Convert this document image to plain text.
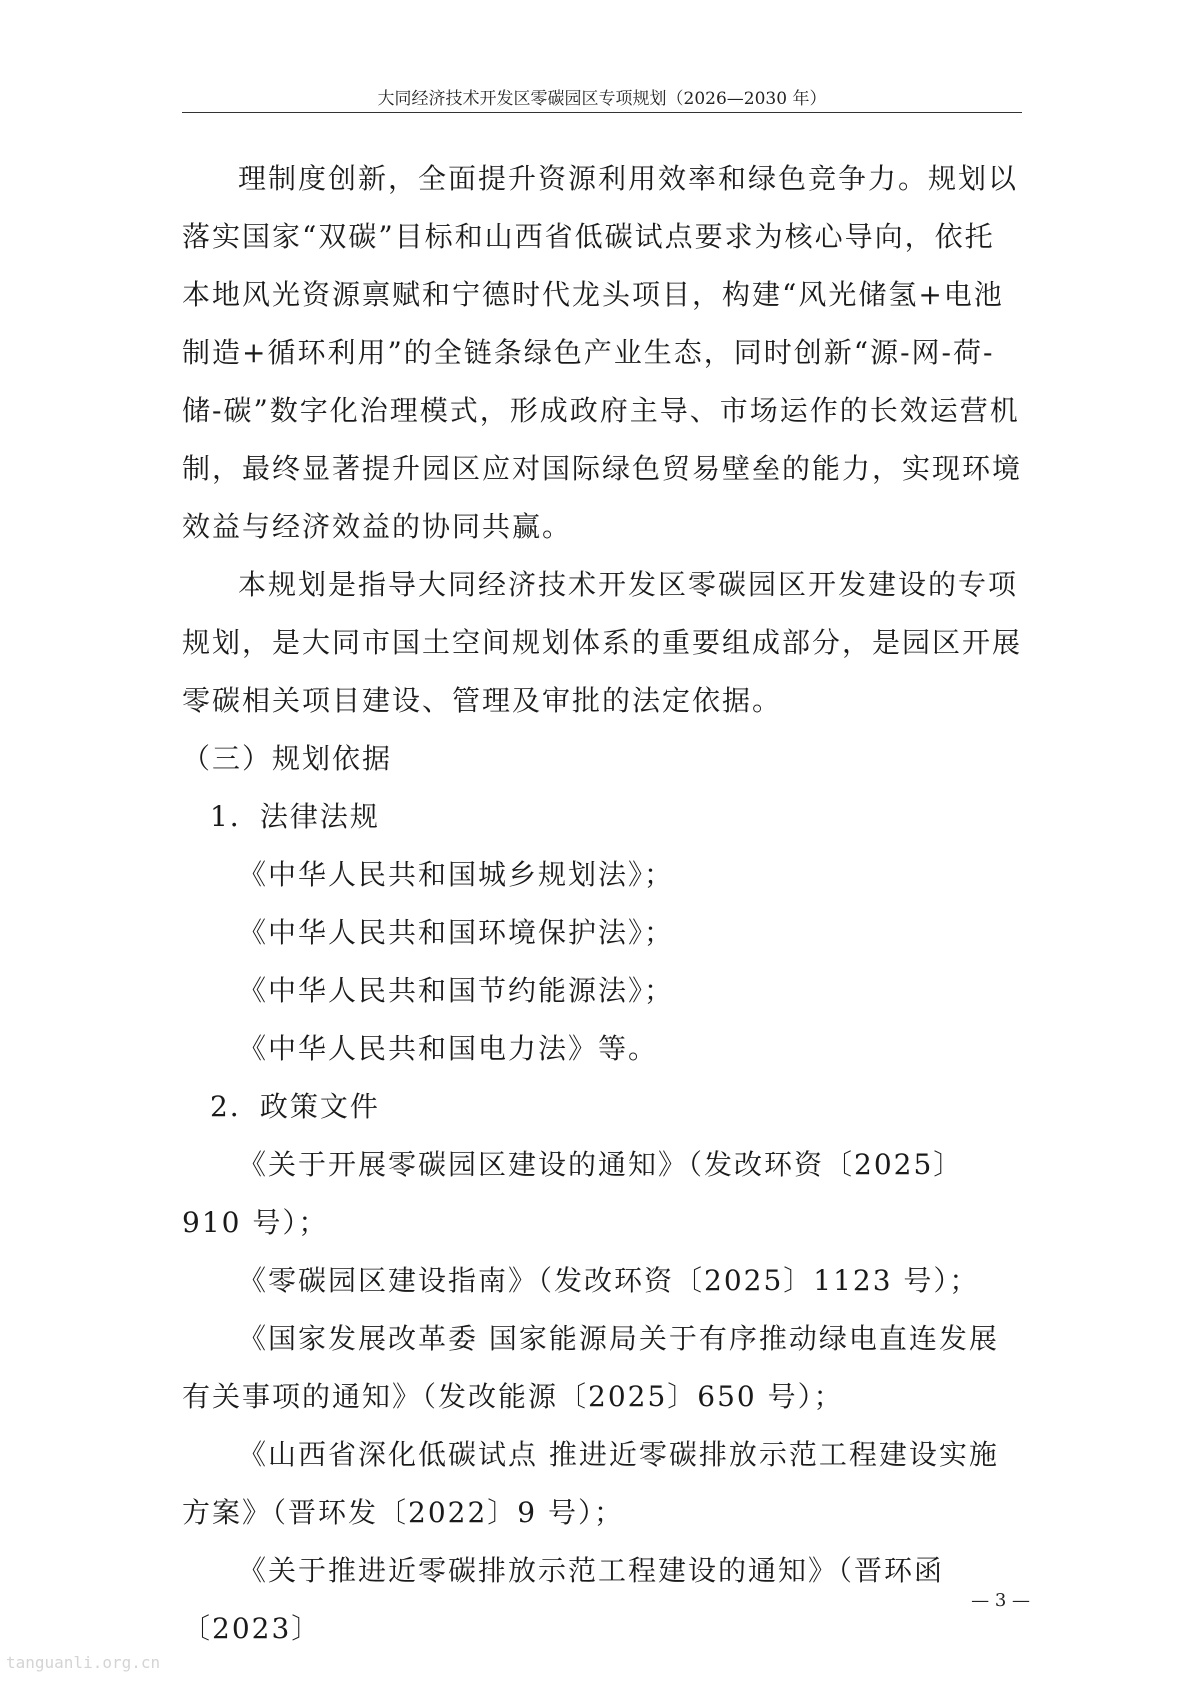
大同经济技术开发区零碳园区专项规划（2026—2030 年）

理制度创新，全面提升资源利用效率和绿色竞争力。规划以落实国家“双碳”目标和山西省低碳试点要求为核心导向，依托本地风光资源禀赋和宁德时代龙头项目，构建“风光储氢+电池制造+循环利用”的全链条绿色产业生态，同时创新“源-网-荷-储-碳”数字化治理模式，形成政府主导、市场运作的长效运营机制，最终显著提升园区应对国际绿色贸易壁垒的能力，实现环境效益与经济效益的协同共赢。

本规划是指导大同经济技术开发区零碳园区开发建设的专项规划，是大同市国土空间规划体系的重要组成部分，是园区开展零碳相关项目建设、管理及审批的法定依据。

（三）规划依据

1．法律法规

《中华人民共和国城乡规划法》；

《中华人民共和国环境保护法》；

《中华人民共和国节约能源法》；

《中华人民共和国电力法》等。

2．政策文件

《关于开展零碳园区建设的通知》（发改环资〔2025〕910 号）；

《零碳园区建设指南》（发改环资〔2025〕1123 号）；

《国家发展改革委 国家能源局关于有序推动绿电直连发展有关事项的通知》（发改能源〔2025〕650 号）；

《山西省深化低碳试点 推进近零碳排放示范工程建设实施方案》（晋环发〔2022〕9 号）；

《关于推进近零碳排放示范工程建设的通知》（晋环函〔2023〕

— 3 —
tanguanli.org.cn
